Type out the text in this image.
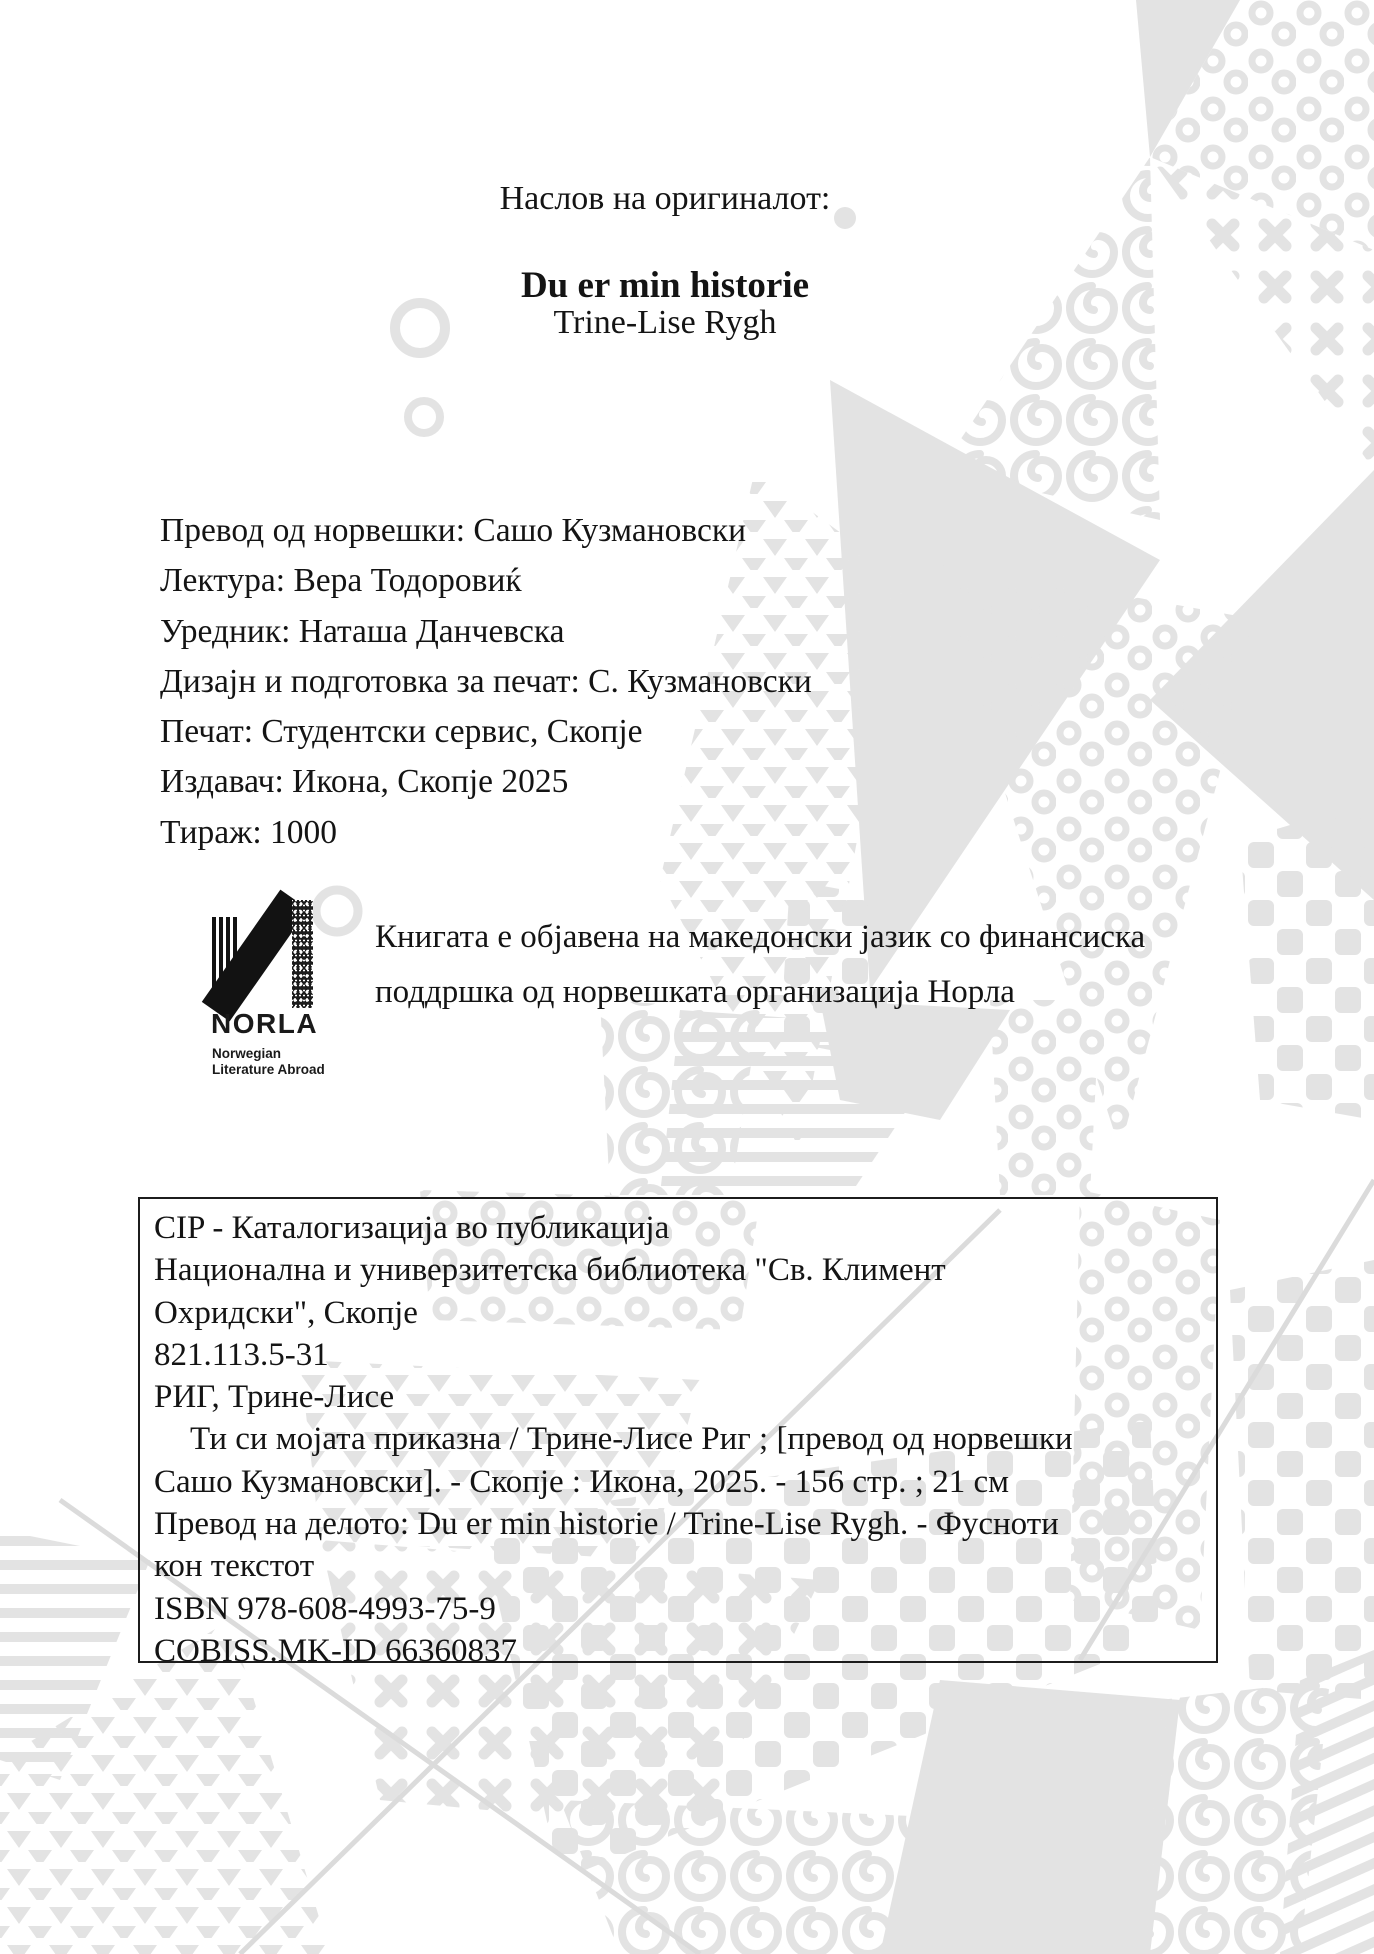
Наслов на оригиналот:
Du er min historie
Trine-Lise Rygh
Превод од норвешки: Сашо Кузмановски
Лектура: Вера Тодоровиќ
Уредник: Наташа Данчевска
Дизајн и подготовка за печат: С. Кузмановски
Печат: Студентски сервис, Скопје
Издавач: Икона, Скопје 2025
Тираж: 1000
NORLA
Norwegian
Literature Abroad
Книгата е објавена на македонски јазик со финансиска
поддршка од норвешката организација Норла
CIP - Каталогизација во публикација
Национална и универзитетска библиотека "Св. Климент
Охридски", Скопје
821.113.5-31
РИГ, Трине-Лисе
Ти си мојата приказна / Трине-Лисе Риг ; [превод од норвешки
Сашо Кузмановски]. - Скопје : Икона, 2025. - 156 стр. ; 21 см
Превод на делото: Du er min historie / Trine-Lise Rygh. - Фусноти
кон текстот
ISBN 978-608-4993-75-9
COBISS.MK-ID 66360837
